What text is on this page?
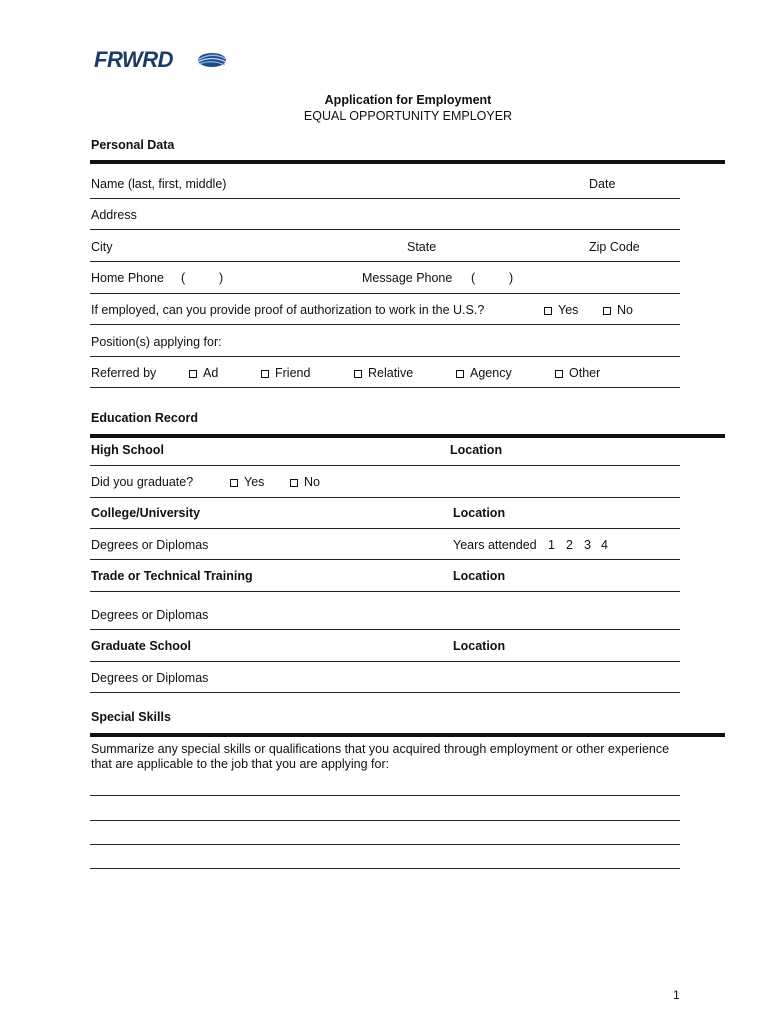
FRWRD
Application for Employment
EQUAL OPPORTUNITY EMPLOYER
Personal Data
Name (last, first, middle)	Date
Address
City	State	Zip Code
Home Phone (	)	Message Phone (	)
If employed, can you provide proof of authorization to work in the U.S.?	Yes	No
Position(s) applying for:
Referred by	Ad	Friend	Relative	Agency	Other
Education Record
High School	Location
Did you graduate?	Yes	No
College/University	Location
Degrees or Diplomas	Years attended 1 2 3 4
Trade or Technical Training	Location
Degrees or Diplomas
Graduate School	Location
Degrees or Diplomas
Special Skills
Summarize any special skills or qualifications that you acquired through employment or other experience
that are applicable to the job that you are applying for:
1
